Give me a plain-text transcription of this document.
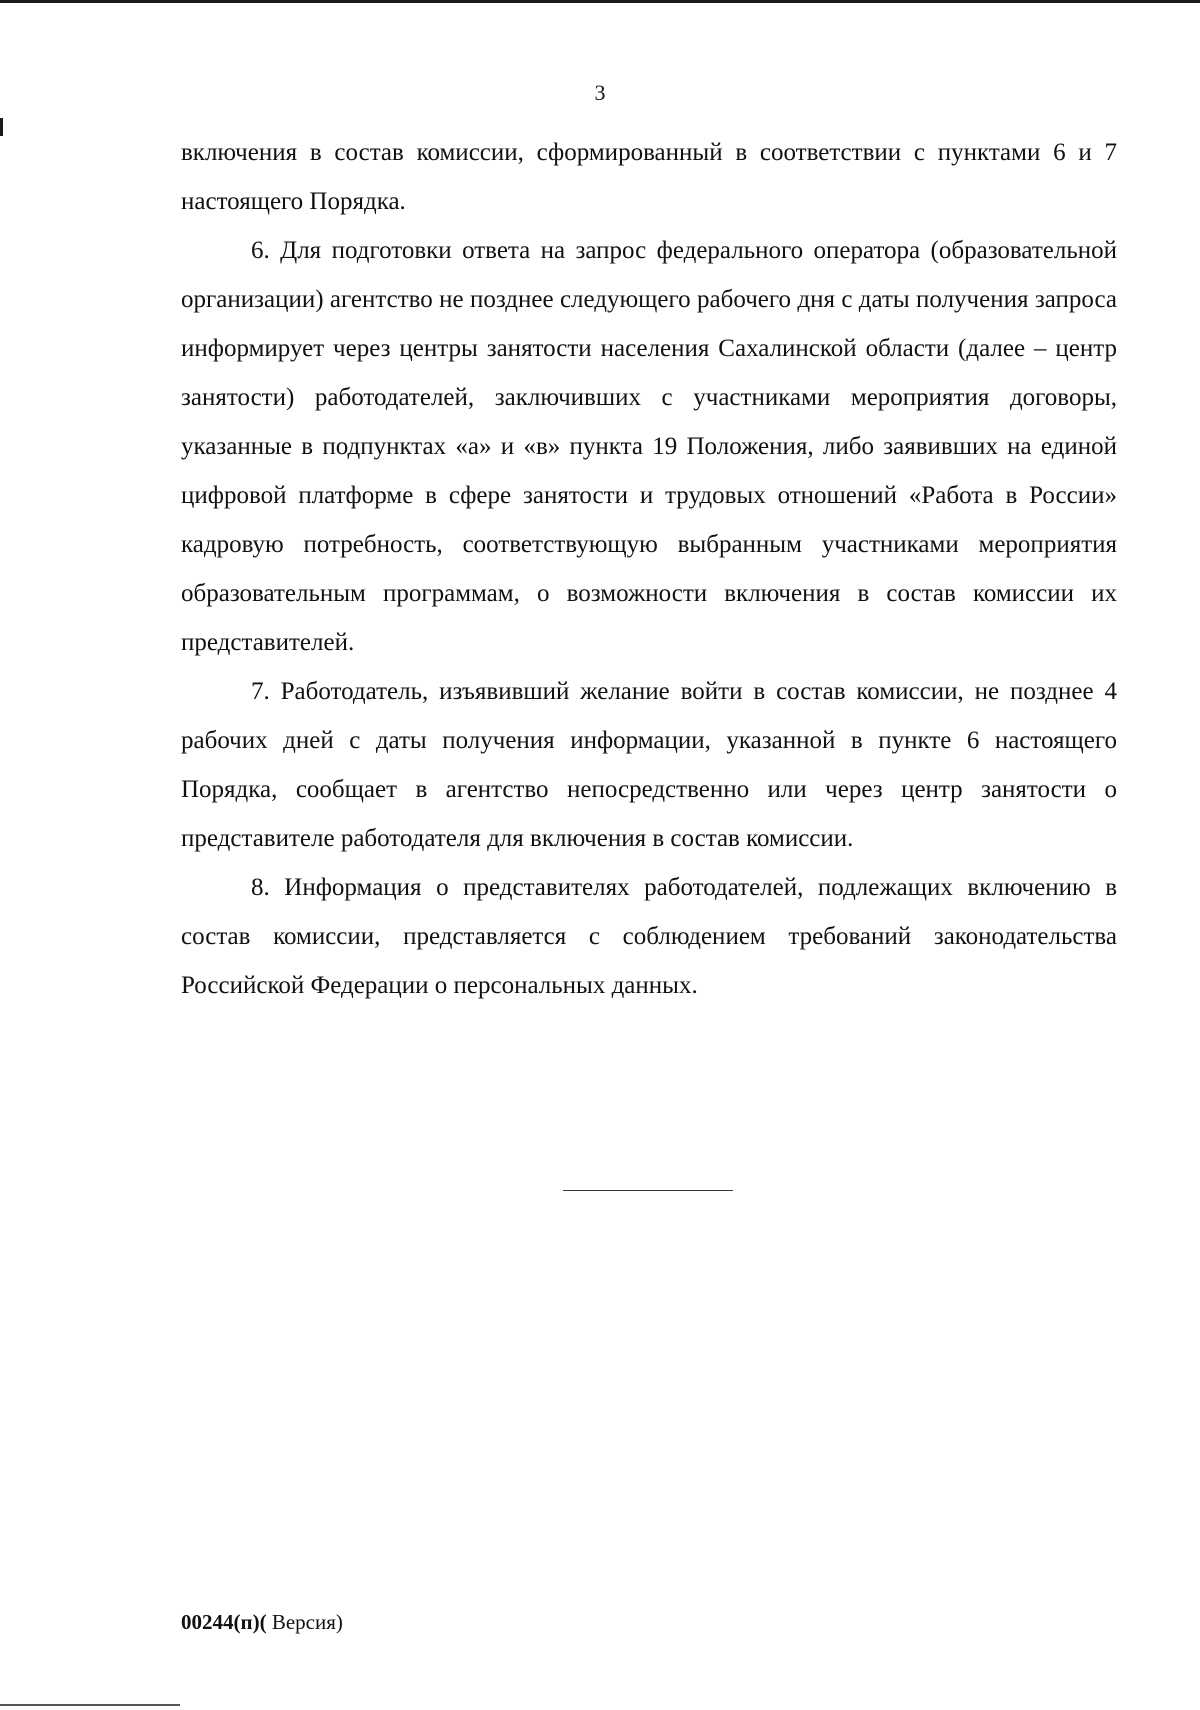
3

включения в состав комиссии, сформированный в соответствии с пунктами 6 и 7 настоящего Порядка.

6. Для подготовки ответа на запрос федерального оператора (образовательной организации) агентство не позднее следующего рабочего дня с даты получения запроса информирует через центры занятости населения Сахалинской области (далее – центр занятости) работодателей, заключивших с участниками мероприятия договоры, указанные в подпунктах «а» и «в» пункта 19 Положения, либо заявивших на единой цифровой платформе в сфере занятости и трудовых отношений «Работа в России» кадровую потребность, соответствующую выбранным участниками мероприятия образовательным программам, о возможности включения в состав комиссии их представителей.

7. Работодатель, изъявивший желание войти в состав комиссии, не позднее 4 рабочих дней с даты получения информации, указанной в пункте 6 настоящего Порядка, сообщает в агентство непосредственно или через центр занятости о представителе работодателя для включения в состав комиссии.

8. Информация о представителях работодателей, подлежащих включению в состав комиссии, представляется с соблюдением требований законодательства Российской Федерации о персональных данных.

00244(п)( Версия)
